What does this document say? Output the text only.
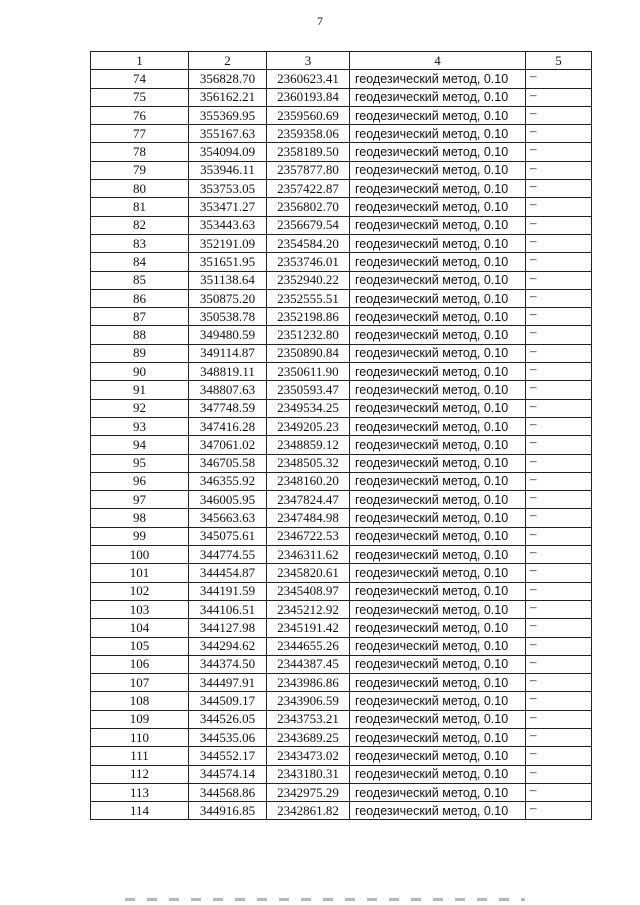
7
1	2	3	4	5
74	356828.70	2360623.41	геодезический метод, 0.10	–
75	356162.21	2360193.84	геодезический метод, 0.10	–
76	355369.95	2359560.69	геодезический метод, 0.10	–
77	355167.63	2359358.06	геодезический метод, 0.10	–
78	354094.09	2358189.50	геодезический метод, 0.10	–
79	353946.11	2357877.80	геодезический метод, 0.10	–
80	353753.05	2357422.87	геодезический метод, 0.10	–
81	353471.27	2356802.70	геодезический метод, 0.10	–
82	353443.63	2356679.54	геодезический метод, 0.10	–
83	352191.09	2354584.20	геодезический метод, 0.10	–
84	351651.95	2353746.01	геодезический метод, 0.10	–
85	351138.64	2352940.22	геодезический метод, 0.10	–
86	350875.20	2352555.51	геодезический метод, 0.10	–
87	350538.78	2352198.86	геодезический метод, 0.10	–
88	349480.59	2351232.80	геодезический метод, 0.10	–
89	349114.87	2350890.84	геодезический метод, 0.10	–
90	348819.11	2350611.90	геодезический метод, 0.10	–
91	348807.63	2350593.47	геодезический метод, 0.10	–
92	347748.59	2349534.25	геодезический метод, 0.10	–
93	347416.28	2349205.23	геодезический метод, 0.10	–
94	347061.02	2348859.12	геодезический метод, 0.10	–
95	346705.58	2348505.32	геодезический метод, 0.10	–
96	346355.92	2348160.20	геодезический метод, 0.10	–
97	346005.95	2347824.47	геодезический метод, 0.10	–
98	345663.63	2347484.98	геодезический метод, 0.10	–
99	345075.61	2346722.53	геодезический метод, 0.10	–
100	344774.55	2346311.62	геодезический метод, 0.10	–
101	344454.87	2345820.61	геодезический метод, 0.10	–
102	344191.59	2345408.97	геодезический метод, 0.10	–
103	344106.51	2345212.92	геодезический метод, 0.10	–
104	344127.98	2345191.42	геодезический метод, 0.10	–
105	344294.62	2344655.26	геодезический метод, 0.10	–
106	344374.50	2344387.45	геодезический метод, 0.10	–
107	344497.91	2343986.86	геодезический метод, 0.10	–
108	344509.17	2343906.59	геодезический метод, 0.10	–
109	344526.05	2343753.21	геодезический метод, 0.10	–
110	344535.06	2343689.25	геодезический метод, 0.10	–
111	344552.17	2343473.02	геодезический метод, 0.10	–
112	344574.14	2343180.31	геодезический метод, 0.10	–
113	344568.86	2342975.29	геодезический метод, 0.10	–
114	344916.85	2342861.82	геодезический метод, 0.10	–
